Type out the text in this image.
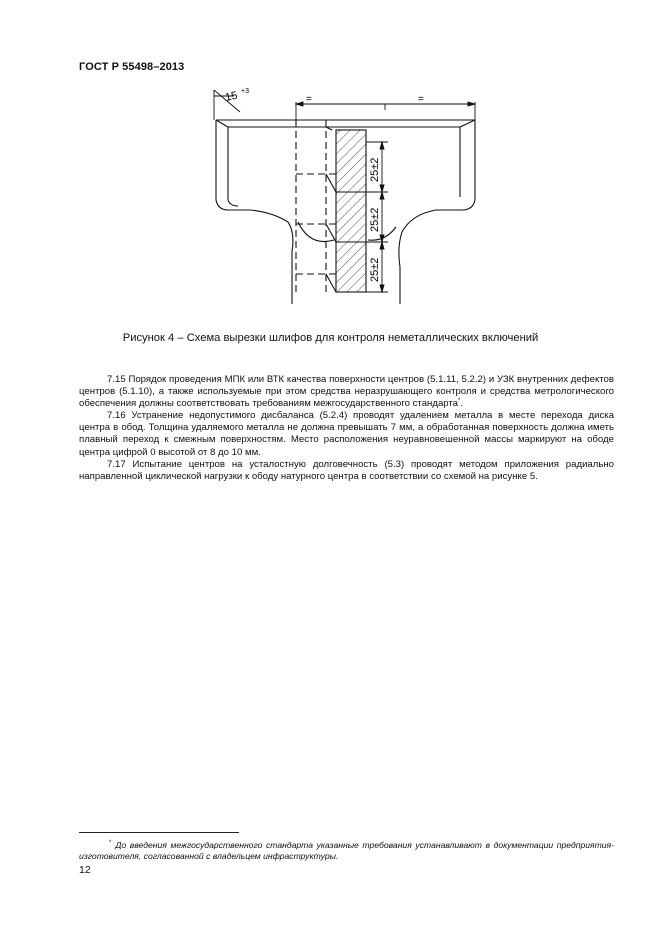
ГОСТ Р 55498–2013
25±2
25±2
25±2
15 +3
=	=
Рисунок 4 – Схема вырезки шлифов для контроля неметаллических включений

7.15 Порядок проведения МПК или ВТК качества поверхности центров (5.1.11, 5.2.2) и УЗК внутренних дефектов центров (5.1.10), а также используемые при этом средства неразрушающего контроля и средства метрологического обеспечения должны соответствовать требованиям межгосударственного стандарта*.

7.16 Устранение недопустимого дисбаланса (5.2.4) проводят удалением металла в месте перехода диска центра в обод. Толщина удаляемого металла не должна превышать 7 мм, а обработанная поверхность должна иметь плавный переход к смежным поверхностям. Место расположения неуравновешенной массы маркируют на ободе центра цифрой 0 высотой от 8 до 10 мм.

7.17 Испытание центров на усталостную долговечность (5.3) проводят методом приложения радиально направленной циклической нагрузки к ободу натурного центра в соответствии со схемой на рисунке 5.

* До введения межгосударственного стандарта указанные требования устанавливают в документации предприятия-изготовителя, согласованной с владельцем инфраструктуры.
12
